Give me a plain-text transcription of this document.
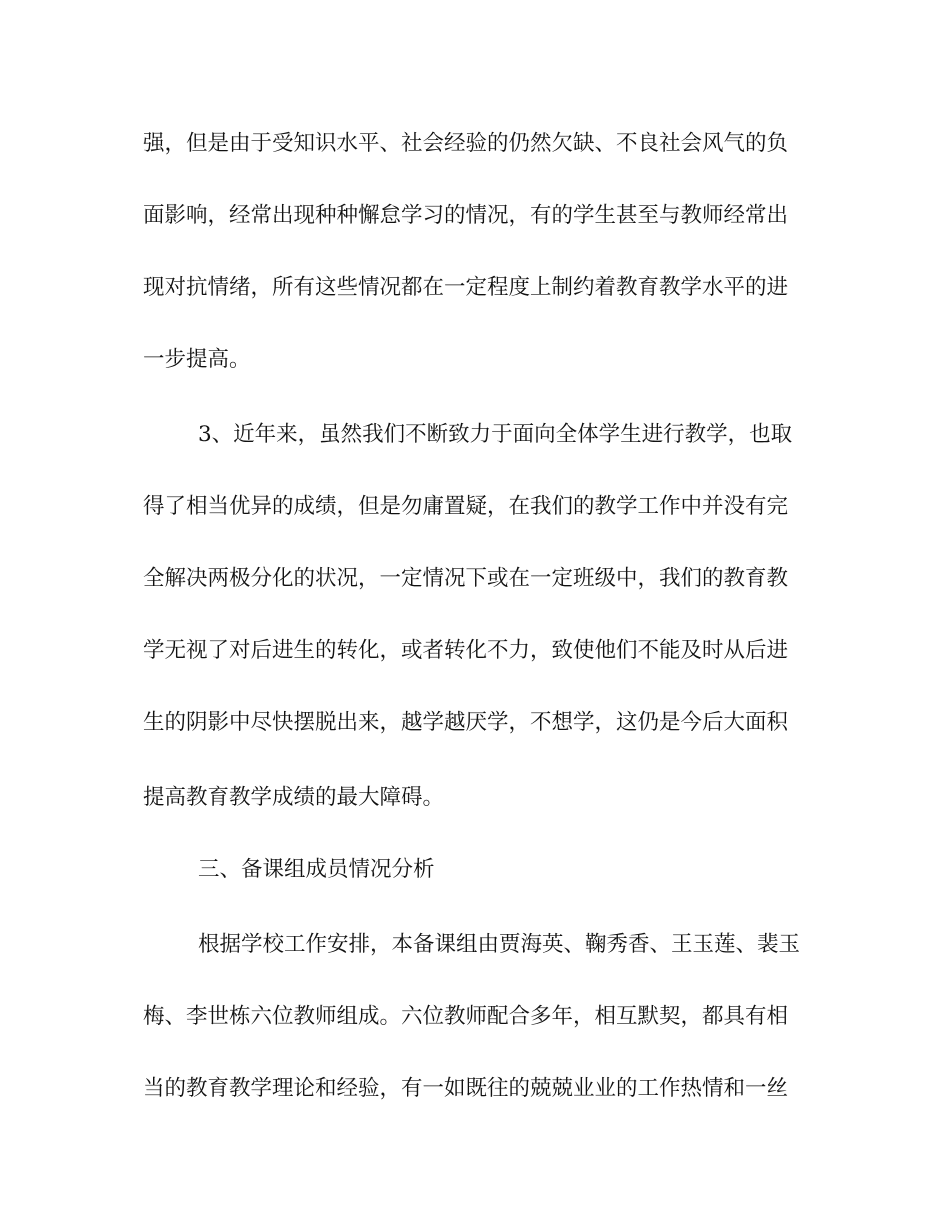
强，但是由于受知识水平、社会经验的仍然欠缺、不良社会风气的负
面影响，经常出现种种懈怠学习的情况，有的学生甚至与教师经常出
现对抗情绪，所有这些情况都在一定程度上制约着教育教学水平的进
一步提高。
3、近年来，虽然我们不断致力于面向全体学生进行教学，也取
得了相当优异的成绩，但是勿庸置疑，在我们的教学工作中并没有完
全解决两极分化的状况，一定情况下或在一定班级中，我们的教育教
学无视了对后进生的转化，或者转化不力，致使他们不能及时从后进
生的阴影中尽快摆脱出来，越学越厌学，不想学，这仍是今后大面积
提高教育教学成绩的最大障碍。
三、备课组成员情况分析
根据学校工作安排，本备课组由贾海英、鞠秀香、王玉莲、裴玉
梅、李世栋六位教师组成。六位教师配合多年，相互默契，都具有相
当的教育教学理论和经验，有一如既往的兢兢业业的工作热情和一丝
